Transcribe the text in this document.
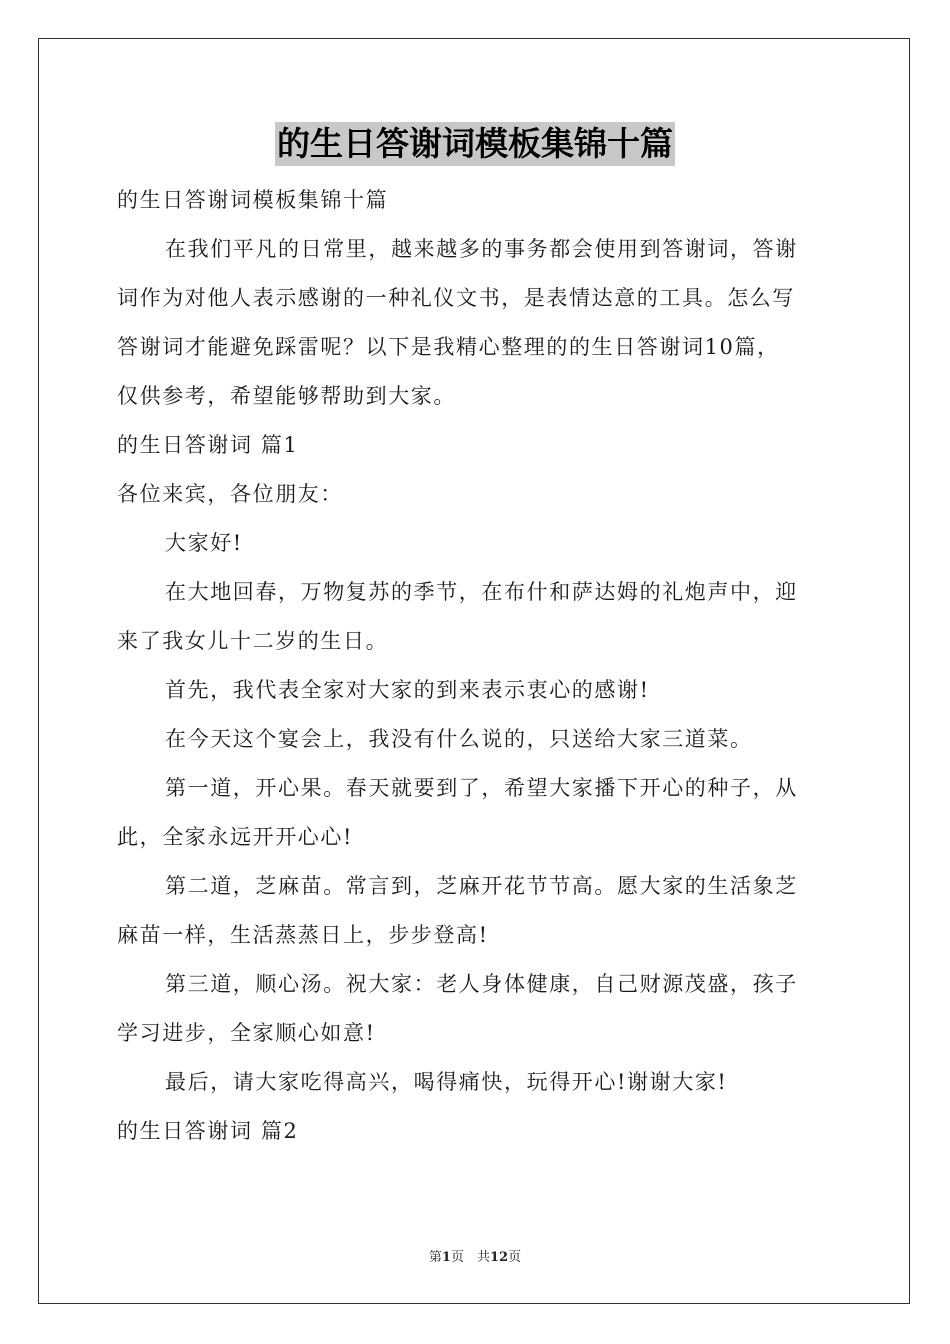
的生日答谢词模板集锦十篇

的生日答谢词模板集锦十篇

在我们平凡的日常里，越来越多的事务都会使用到答谢词，答谢

词作为对他人表示感谢的一种礼仪文书，是表情达意的工具。怎么写

答谢词才能避免踩雷呢？以下是我精心整理的的生日答谢词10篇，

仅供参考，希望能够帮助到大家。

的生日答谢词 篇1

各位来宾，各位朋友：

大家好!

在大地回春，万物复苏的季节，在布什和萨达姆的礼炮声中，迎

来了我女儿十二岁的生日。

首先，我代表全家对大家的到来表示衷心的感谢!

在今天这个宴会上，我没有什么说的，只送给大家三道菜。

第一道，开心果。春天就要到了，希望大家播下开心的种子，从

此，全家永远开开心心!

第二道，芝麻苗。常言到，芝麻开花节节高。愿大家的生活象芝

麻苗一样，生活蒸蒸日上，步步登高!

第三道，顺心汤。祝大家：老人身体健康，自己财源茂盛，孩子

学习进步，全家顺心如意!

最后，请大家吃得高兴，喝得痛快，玩得开心!谢谢大家!

的生日答谢词 篇2

第1页　共12页
